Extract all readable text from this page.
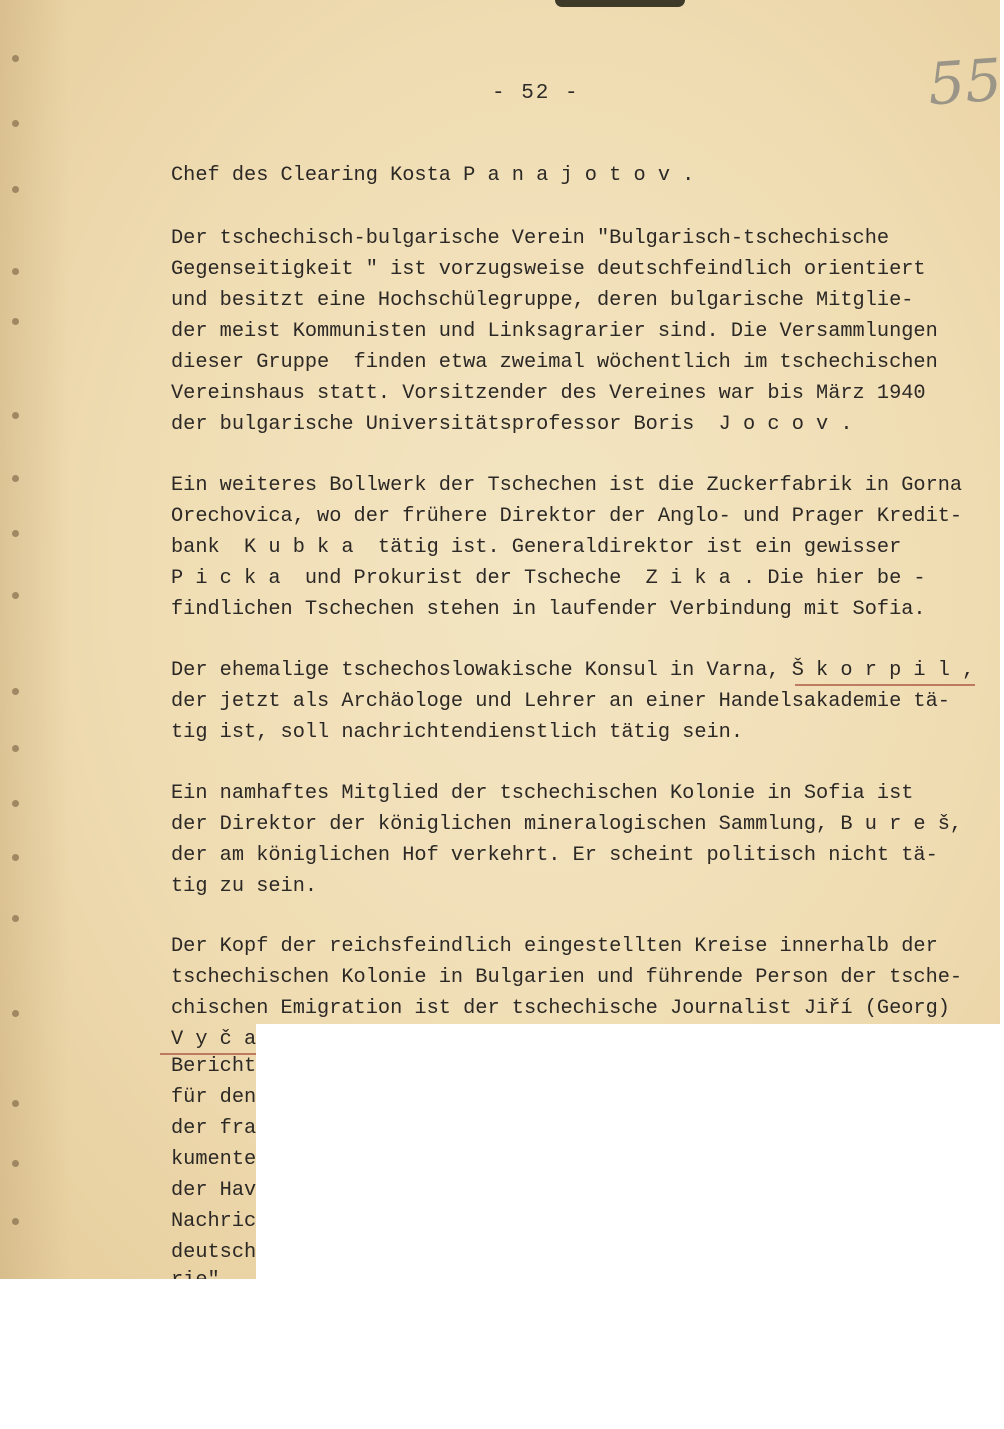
- 52 -	55

Chef des Clearing Kosta P a n a j o t o v .

Der tschechisch-bulgarische Verein "Bulgarisch-tschechische

Gegenseitigkeit " ist vorzugsweise deutschfeindlich orientiert

und besitzt eine Hochschülegruppe, deren bulgarische Mitglie-

der meist Kommunisten und Linksagrarier sind. Die Versammlungen

dieser Gruppe  finden etwa zweimal wöchentlich im tschechischen

Vereinshaus statt. Vorsitzender des Vereines war bis März 1940

der bulgarische Universitätsprofessor Boris  J o c o v .

Ein weiteres Bollwerk der Tschechen ist die Zuckerfabrik in Gorna

Orechovica, wo der frühere Direktor der Anglo- und Prager Kredit-

bank  K u b k a  tätig ist. Generaldirektor ist ein gewisser

P i c k a  und Prokurist der Tscheche  Z i k a . Die hier be -

findlichen Tschechen stehen in laufender Verbindung mit Sofia.

Der ehemalige tschechoslowakische Konsul in Varna, Š k o r p i l ,

der jetzt als Archäologe und Lehrer an einer Handelsakademie tä-

tig ist, soll nachrichtendienstlich tätig sein.

Ein namhaftes Mitglied der tschechischen Kolonie in Sofia ist

der Direktor der königlichen mineralogischen Sammlung, B u r e š,

der am königlichen Hof verkehrt. Er scheint politisch nicht tä-

tig zu sein.

Der Kopf der reichsfeindlich eingestellten Kreise innerhalb der

tschechischen Kolonie in Bulgarien und führende Person der tsche-

chischen Emigration ist der tschechische Journalist Jiří (Georg)

V y č a

Bericht

für den

der fra

kumente

der Hav

Nachric

deutsch
